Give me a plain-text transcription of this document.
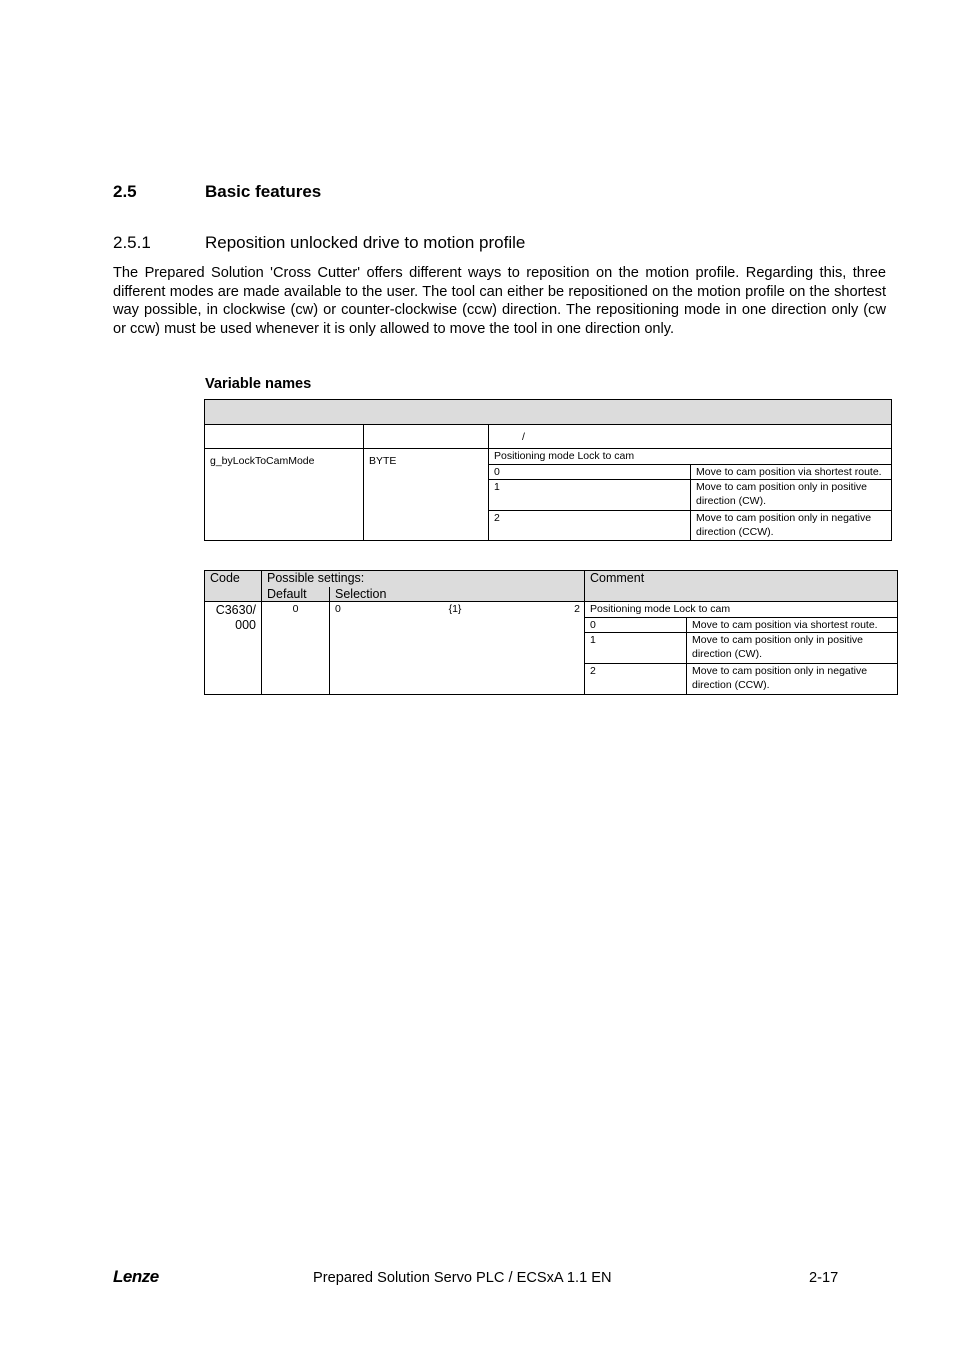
2.5	Basic features
2.5.1	Reposition unlocked drive to motion profile
The Prepared Solution 'Cross Cutter' offers different ways to reposition on the motion profile. Regarding this, three different modes are made available to the user. The tool can either be repositioned on the motion profile on the shortest way possible, in clockwise (cw) or counter-clockwise (ccw) direction. The repositioning mode in one direction only (cw or ccw) must be used whenever it is only allowed to move the tool in one direction only.
Variable names

		/	
g_byLockToCamMode	BYTE	Positioning mode Lock to cam	
		0	Move to cam position via shortest route.
		1	Move to cam position only in positive direction (CW).
		2	Move to cam position only in negative direction (CCW).
Code	Possible settings:				Comment	
	Default	Selection				
C3630/ 000	0	0	{1}	2	Positioning mode Lock to cam	
					0	Move to cam position via shortest route.
					1	Move to cam position only in positive direction (CW).
					2	Move to cam position only in negative direction (CCW).
Lenze	Prepared Solution Servo PLC / ECSxA 1.1 EN	2-17
